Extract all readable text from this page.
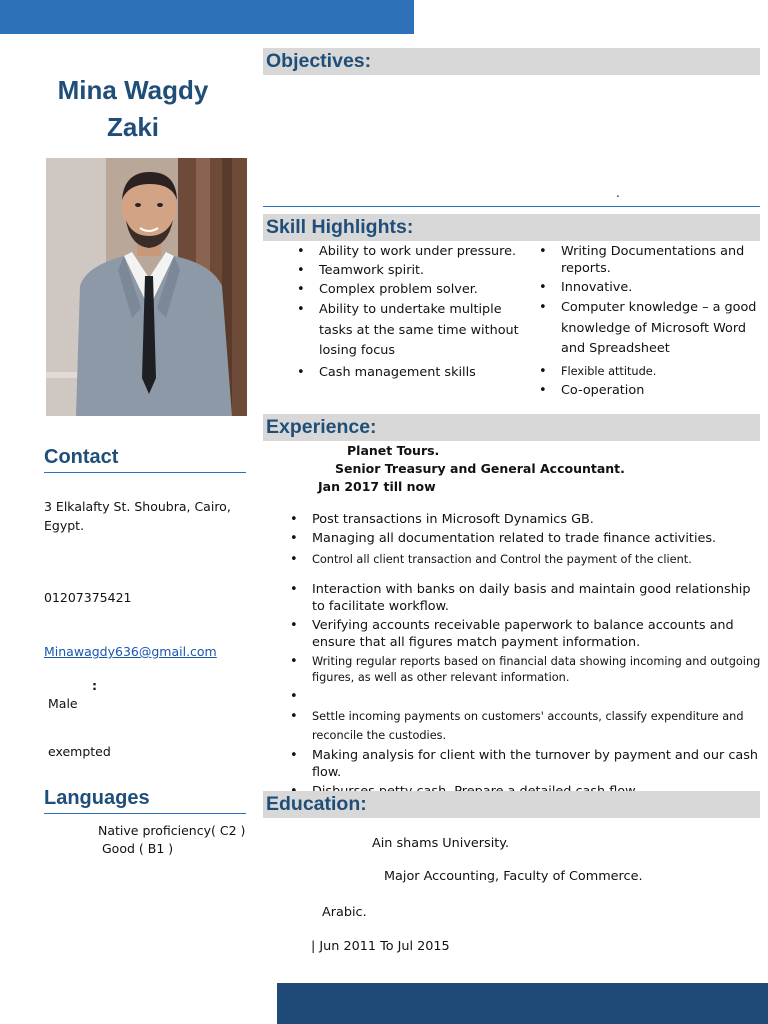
Mina Wagdy
Zaki
Contact
3 Elkalafty St. Shoubra, Cairo,
Egypt.
01207375421
Minawagdy636@gmail.com
:
Male
exempted
Languages
Native proficiency( C2 )
Good ( B1 )
Objectives:
.
Skill Highlights:
• Ability to work under pressure.
• Teamwork spirit.
• Complex problem solver.
• Ability to undertake multiple tasks at the same time without losing focus
• Cash management skills
• Writing Documentations and reports.
• Innovative.
• Computer knowledge – a good knowledge of Microsoft Word and Spreadsheet
• Flexible attitude.
• Co-operation
Experience:
Planet Tours.
Senior Treasury and General Accountant.
Jan 2017 till now
• Post transactions in Microsoft Dynamics GB.
• Managing all documentation related to trade finance activities.
• Control all client transaction and Control the payment of the client.
• Interaction with banks on daily basis and maintain good relationship to facilitate workflow.
• Verifying accounts receivable paperwork to balance accounts and ensure that all figures match payment information.
• Writing regular reports based on financial data showing incoming and outgoing figures, as well as other relevant information.
•
• Settle incoming payments on customers' accounts, classify expenditure and reconcile the custodies.
• Making analysis for client with the turnover by payment and our cash flow.
•
Education:
Ain shams University.
Major Accounting, Faculty of Commerce.
Arabic.
| Jun 2011 To Jul 2015
